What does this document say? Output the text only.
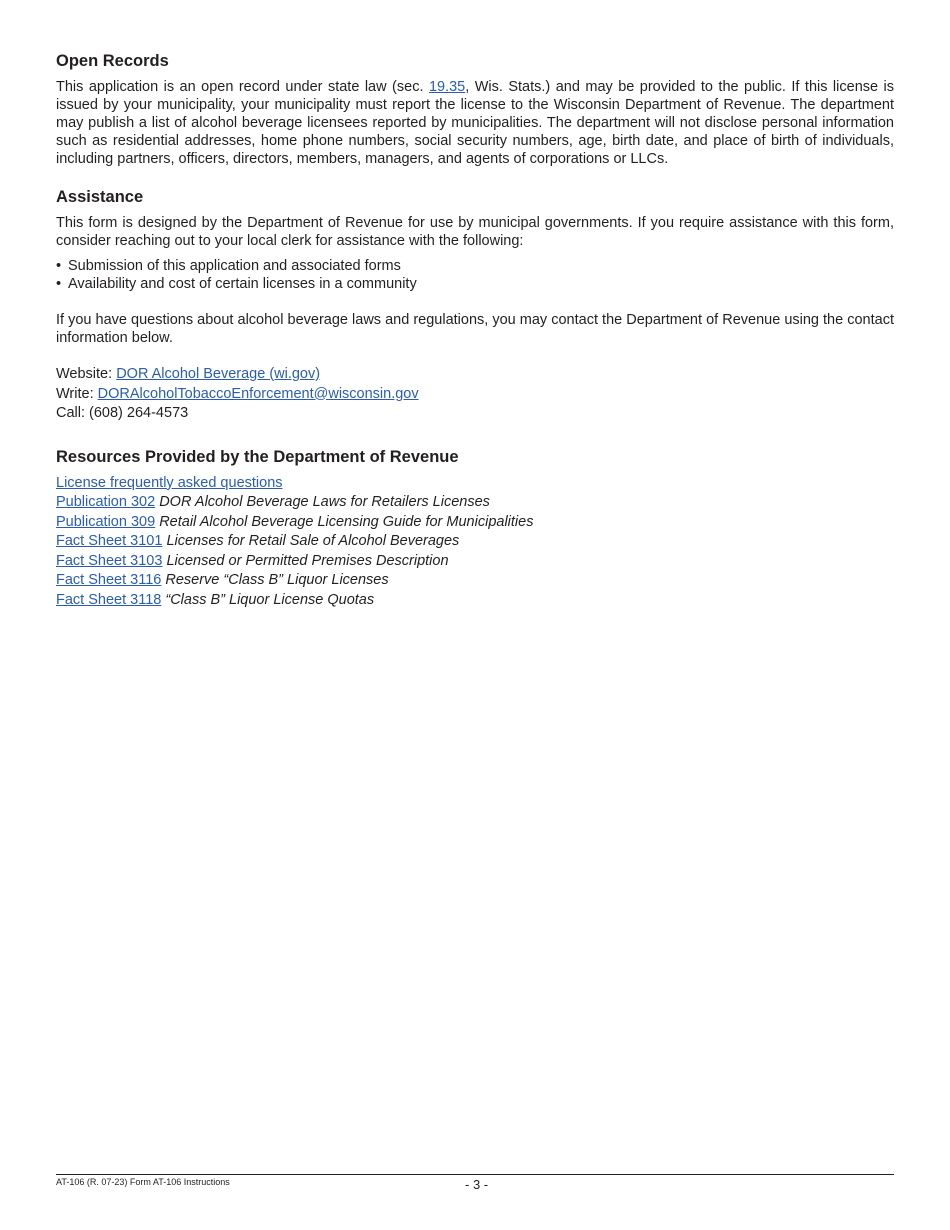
Open Records

This application is an open record under state law (sec. 19.35, Wis. Stats.) and may be provided to the public. If this license is issued by your municipality, your municipality must report the license to the Wisconsin Department of Revenue. The department may publish a list of alcohol beverage licensees reported by municipalities. The department will not disclose personal information such as residential addresses, home phone numbers, social security numbers, age, birth date, and place of birth of individuals, including partners, officers, directors, members, managers, and agents of corporations or LLCs.

Assistance

This form is designed by the Department of Revenue for use by municipal governments. If you require assistance with this form, consider reaching out to your local clerk for assistance with the following:

• Submission of this application and associated forms
• Availability and cost of certain licenses in a community

If you have questions about alcohol beverage laws and regulations, you may contact the Department of Revenue using the contact information below.

Website: DOR Alcohol Beverage (wi.gov)
Write: DORAlcoholTobaccoEnforcement@wisconsin.gov
Call: (608) 264-4573
Resources Provided by the Department of Revenue
License frequently asked questions
Publication 302 DOR Alcohol Beverage Laws for Retailers Licenses
Publication 309 Retail Alcohol Beverage Licensing Guide for Municipalities
Fact Sheet 3101 Licenses for Retail Sale of Alcohol Beverages
Fact Sheet 3103 Licensed or Permitted Premises Description
Fact Sheet 3116 Reserve “Class B” Liquor Licenses
Fact Sheet 3118 “Class B” Liquor License Quotas
AT-106 (R. 07-23) Form AT-106 Instructions	- 3 -
